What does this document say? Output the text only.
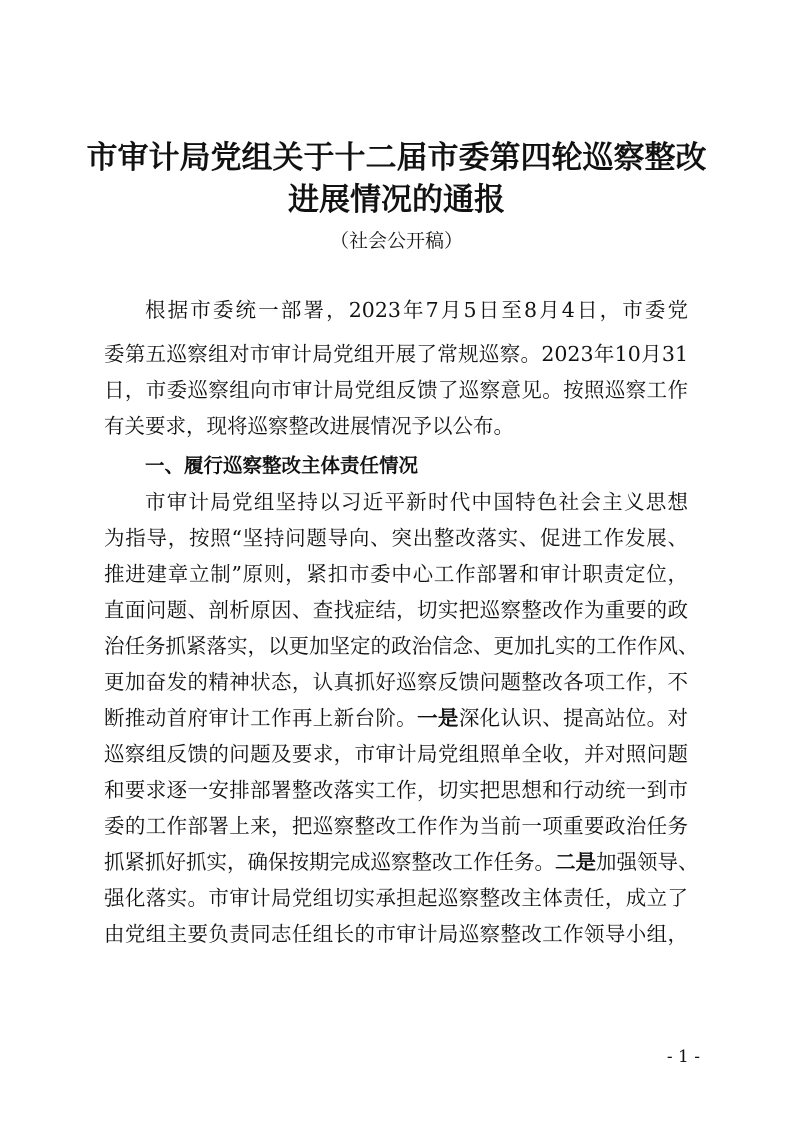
市审计局党组关于十二届市委第四轮巡察整改
进展情况的通报
（社会公开稿）
根据市委统一部署，2023年7月5日至8月4日，市委党
委第五巡察组对市审计局党组开展了常规巡察。2023年10月31
日，市委巡察组向市审计局党组反馈了巡察意见。按照巡察工作
有关要求，现将巡察整改进展情况予以公布。
一、履行巡察整改主体责任情况
市审计局党组坚持以习近平新时代中国特色社会主义思想
为指导，按照“坚持问题导向、突出整改落实、促进工作发展、
推进建章立制”原则，紧扣市委中心工作部署和审计职责定位，
直面问题、剖析原因、查找症结，切实把巡察整改作为重要的政
治任务抓紧落实，以更加坚定的政治信念、更加扎实的工作作风、
更加奋发的精神状态，认真抓好巡察反馈问题整改各项工作，不
断推动首府审计工作再上新台阶。一是深化认识、提高站位。对
巡察组反馈的问题及要求，市审计局党组照单全收，并对照问题
和要求逐一安排部署整改落实工作，切实把思想和行动统一到市
委的工作部署上来，把巡察整改工作作为当前一项重要政治任务
抓紧抓好抓实，确保按期完成巡察整改工作任务。二是加强领导、
强化落实。市审计局党组切实承担起巡察整改主体责任，成立了
由党组主要负责同志任组长的市审计局巡察整改工作领导小组，
- 1 -
